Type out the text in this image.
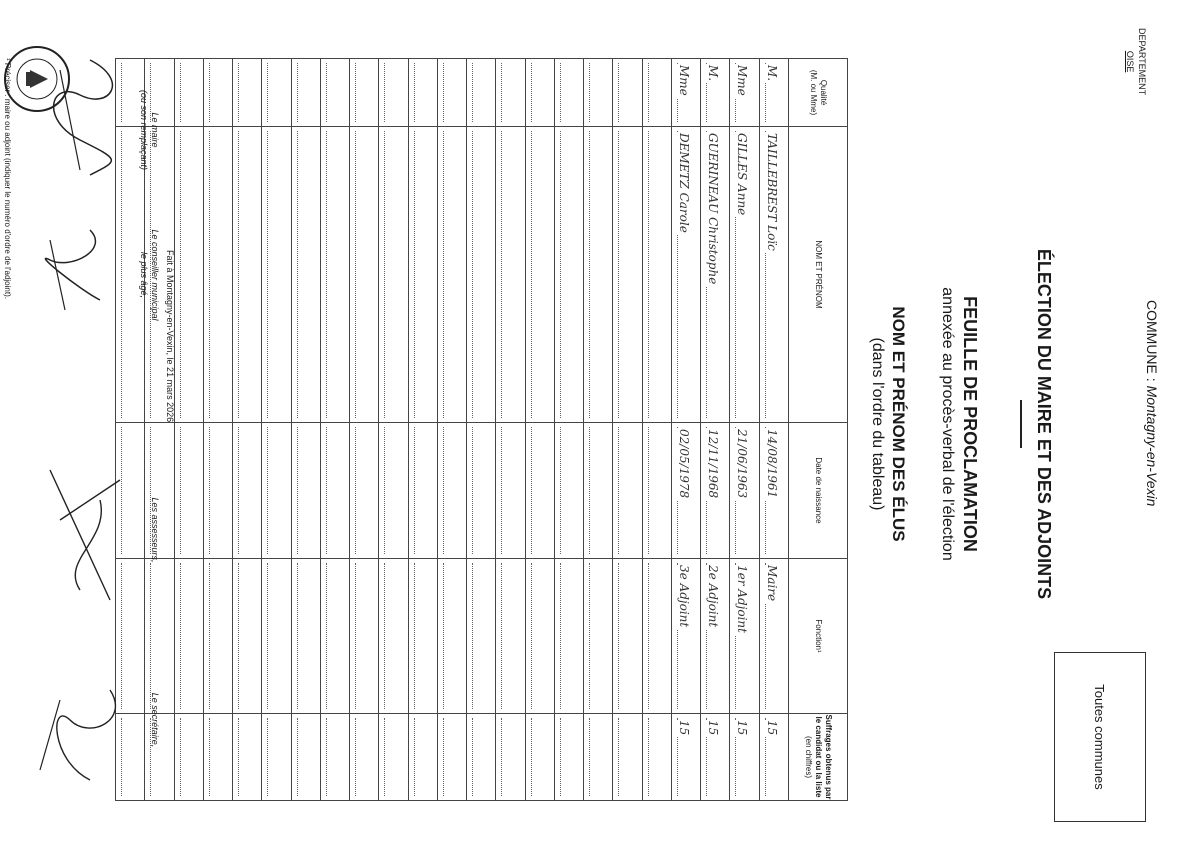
DEPARTEMENT

OISE
COMMUNE : Montagny-en-Vexin
Toutes communes
ÉLECTION DU MAIRE ET DES ADJOINTS
FEUILLE DE PROCLAMATION
annexée au procès-verbal de l'élection
NOM ET PRÉNOM DES ÉLUS
(dans l'ordre du tableau)
Qualité
(M. ou Mme)	NOM ET PRÉNOM	Date de naissance	Fonction¹	Suffrages obtenus par le candidat ou la liste
(en chiffres)

M.	TAILLEBREST Loïc	14/08/1961	Maire	15

Mme	GILLES Anne	21/06/1963	1er Adjoint	15

M.	GUERINEAU Christophe	12/11/1968	2e Adjoint	15

Mme	DEMETZ Carole	02/05/1978	3e Adjoint	15

Fait à Montagny-en-Vexin, le 21 mars 2026
Le maire
(ou son remplaçant)
Le conseiller municipal
le plus âgé,
Les assesseurs,
Le secrétaire,
¹ Préciser : maire ou adjoint (indiquer le numéro d'ordre de l'adjoint).
